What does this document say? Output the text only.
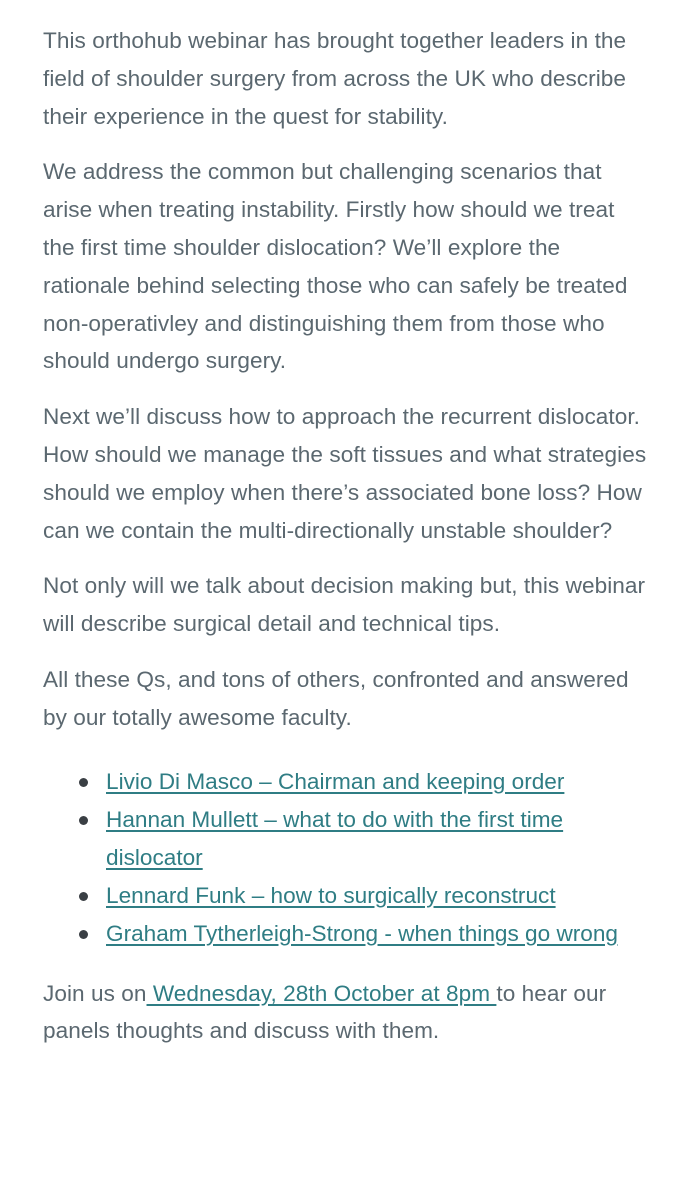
This orthohub webinar has brought together leaders in the field of shoulder surgery from across the UK who describe their experience in the quest for stability.

We address the common but challenging scenarios that arise when treating instability. Firstly how should we treat the first time shoulder dislocation? We’ll explore the rationale behind selecting those who can safely be treated non-operativley and distinguishing them from those who should undergo surgery.

Next we’ll discuss how to approach the recurrent dislocator. How should we manage the soft tissues and what strategies should we employ when there’s associated bone loss? How can we contain the multi-directionally unstable shoulder?

Not only will we talk about decision making but, this webinar will describe surgical detail and technical tips.

All these Qs, and tons of others, confronted and answered by our totally awesome faculty.

Livio Di Masco – Chairman and keeping order
Hannan Mullett – what to do with the first time dislocator
Lennard Funk – how to surgically reconstruct
Graham Tytherleigh-Strong - when things go wrong

Join us on Wednesday, 28th October at 8pm to hear our panels thoughts and discuss with them.
